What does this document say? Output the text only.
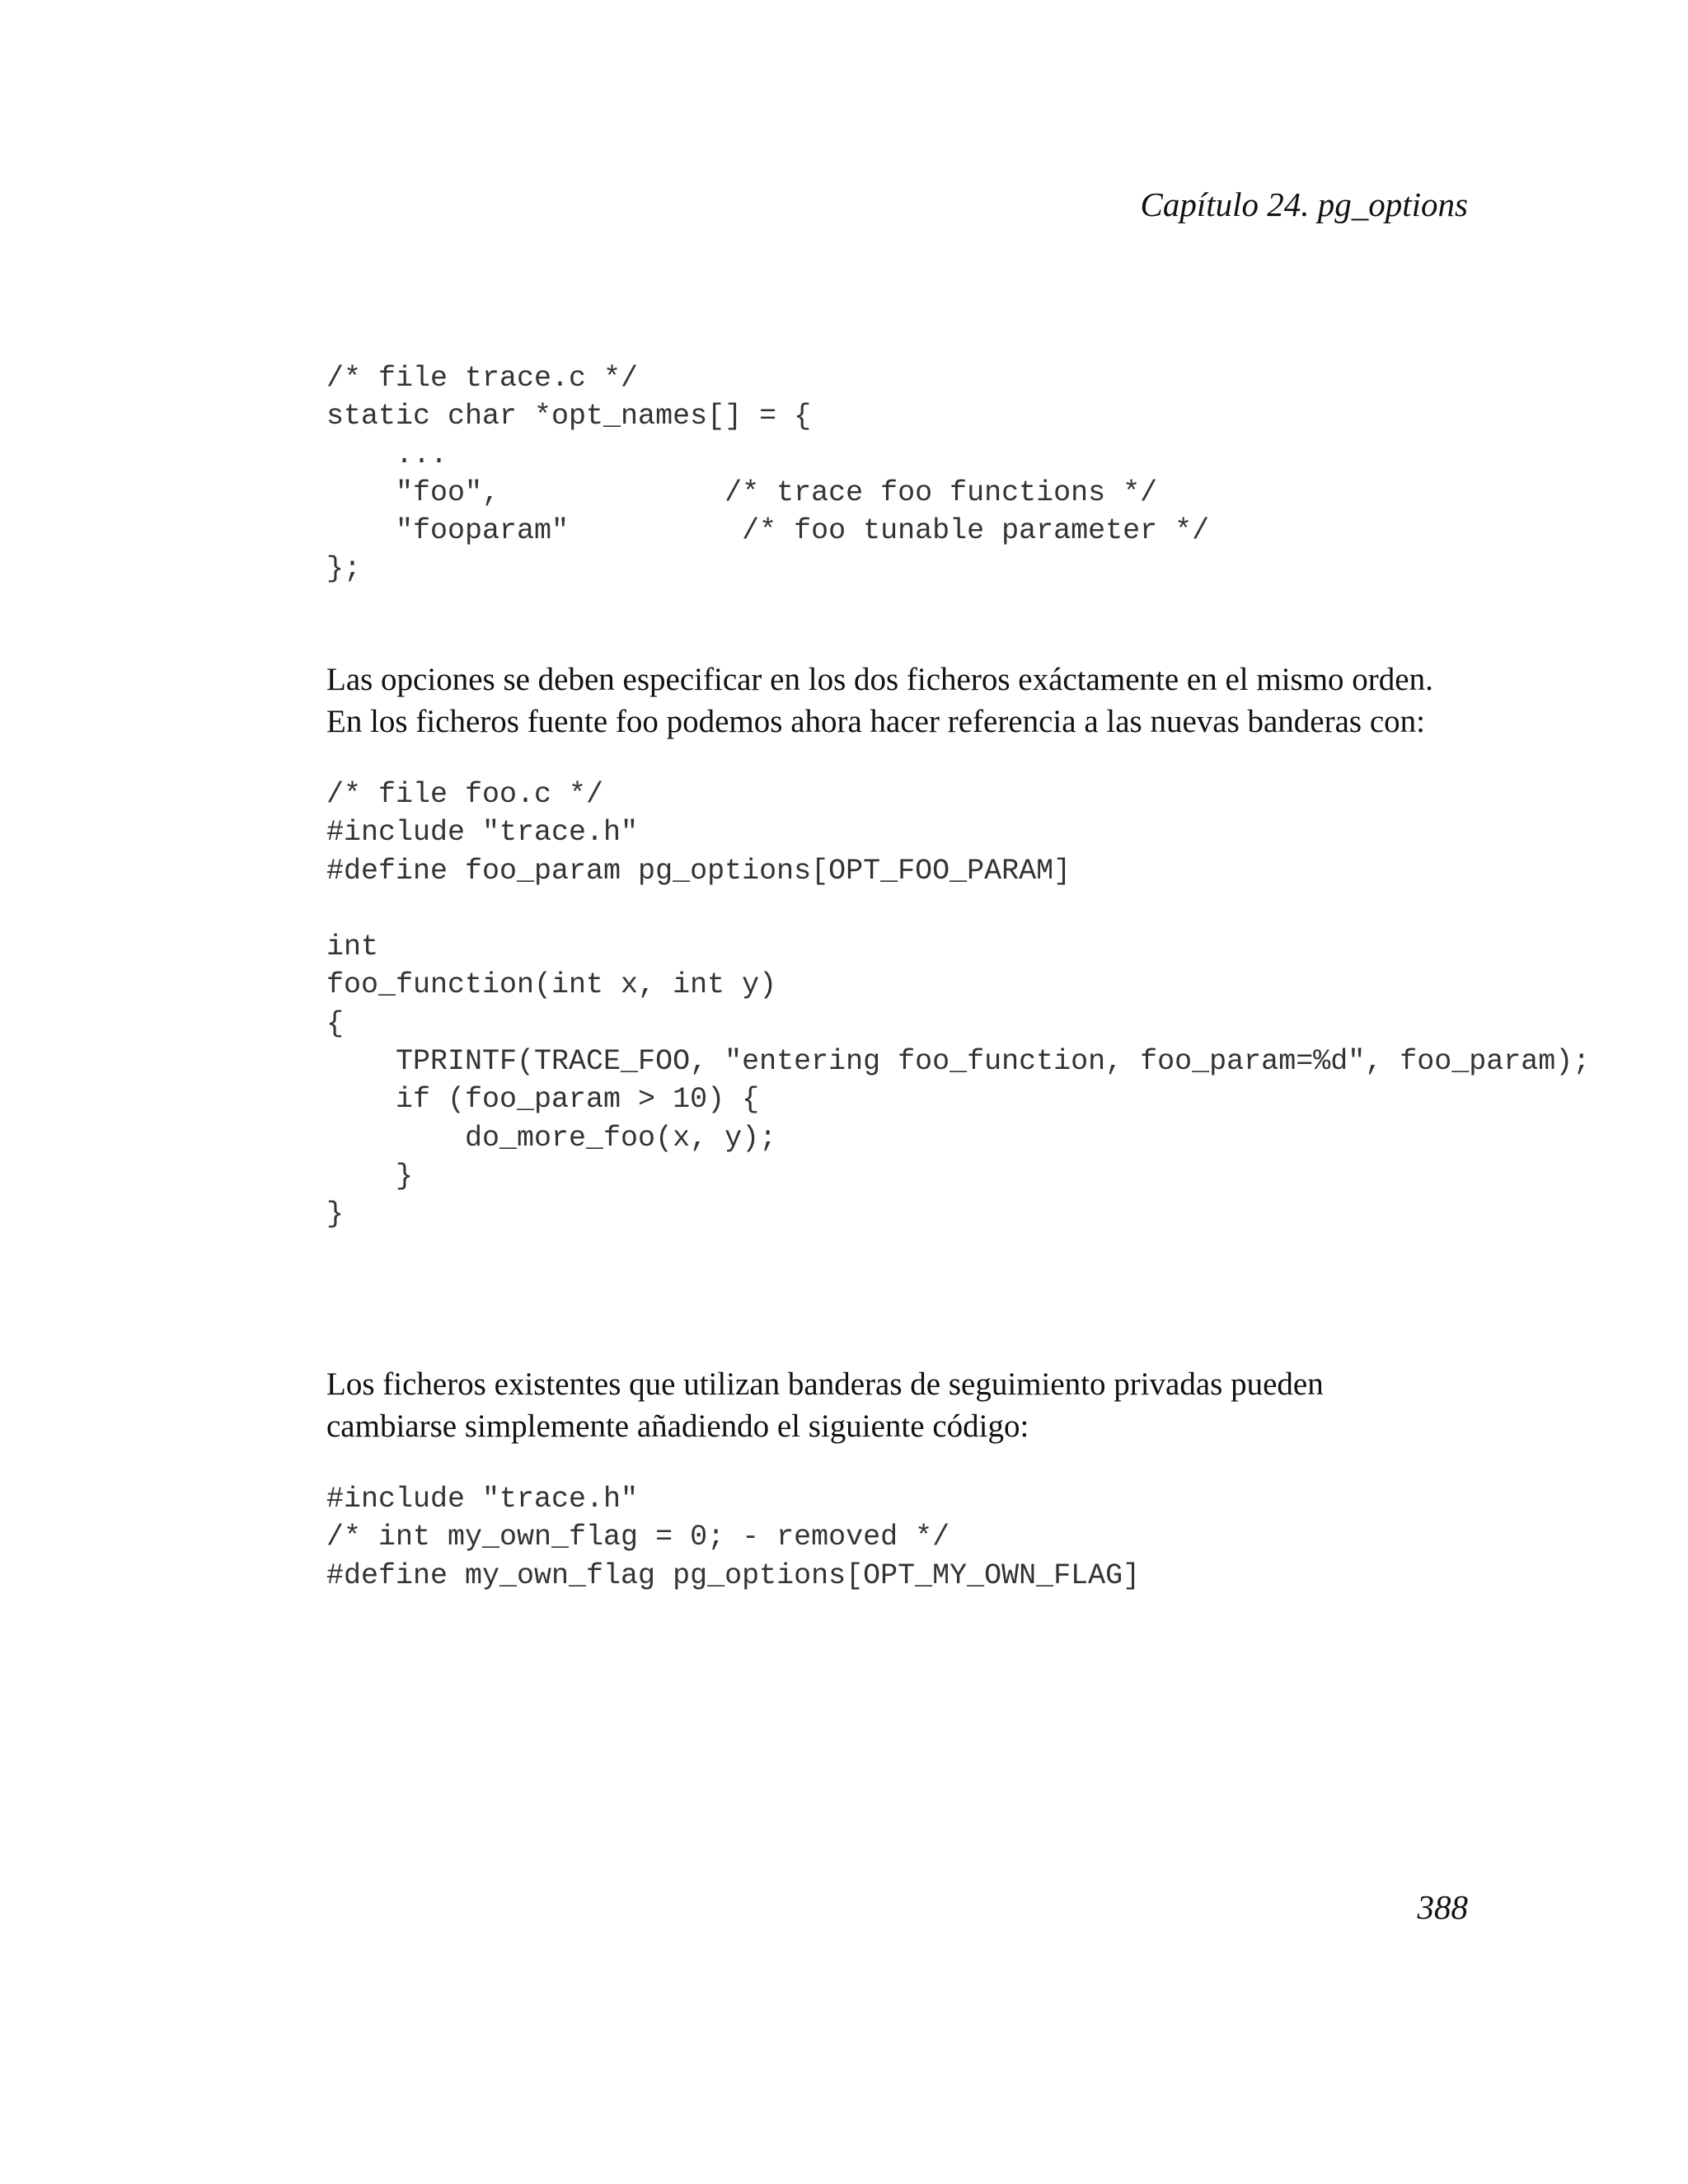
Capítulo 24. pg_options
/* file trace.c */
static char *opt_names[] = {
...
"foo",             /* trace foo functions */
"fooparam"          /* foo tunable parameter */
};

Las opciones se deben especificar en los dos ficheros exáctamente en el mismo orden.
En los ficheros fuente foo podemos ahora hacer referencia a las nuevas banderas con:

/* file foo.c */
#include "trace.h"
#define foo_param pg_options[OPT_FOO_PARAM]
int
foo_function(int x, int y)
{
TPRINTF(TRACE_FOO, "entering foo_function, foo_param=%d", foo_param);
if (foo_param > 10) {
do_more_foo(x, y);
}
}

Los ficheros existentes que utilizan banderas de seguimiento privadas pueden
cambiarse simplemente añadiendo el siguiente código:

#include "trace.h"
/* int my_own_flag = 0; - removed */
#define my_own_flag pg_options[OPT_MY_OWN_FLAG]
388
